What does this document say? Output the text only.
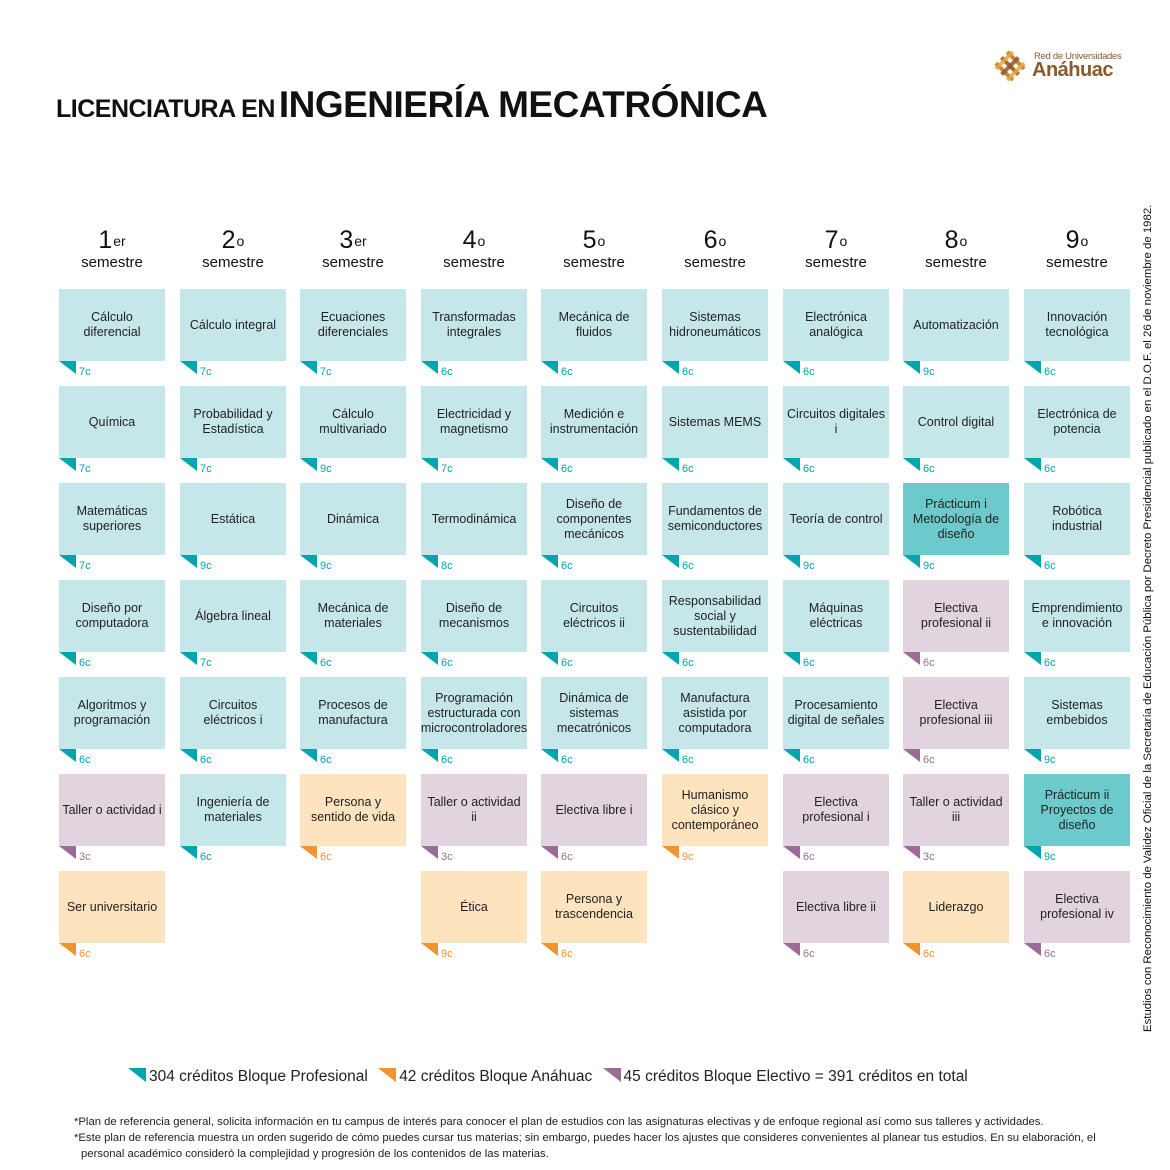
LICENCIATURA EN INGENIERÍA MECATRÓNICA
Red de Universidades
Anáhuac
Estudios con Reconocimiento de Validez Oficial de la Secretaría de Educación Pública por Decreto Presidencial publicado en el D.O.F. el 26 de noviembre de 1982.
1er
semestre
Cálculo diferencial
7c
Química
7c
Matemáticas superiores
7c
Diseño por computadora
6c
Algoritmos y programación
6c
Taller o actividad i
3c
Ser universitario
6c
2$^o$
semestre
Cálculo integral
7c
Probabilidad y Estadística
7c
Estática
9c
Álgebra lineal
7c
Circuitos eléctricos i
6c
Ingeniería de materiales
6c
3er
semestre
Ecuaciones diferenciales
7c
Cálculo multivariado
9c
Dinámica
9c
Mecánica de materiales
6c
Procesos de manufactura
6c
Persona y sentido de vida
6c
4$^o$
semestre
Transformadas integrales
6c
Electricidad y magnetismo
7c
Termodinámica
8c
Diseño de mecanismos
6c
Programación estructurada con microcontroladores
6c
Taller o actividad ii
3c
Ética
9c
5$^o$
semestre
Mecánica de fluidos
6c
Medición e instrumentación
6c
Diseño de componentes mecánicos
6c
Circuitos eléctricos ii
6c
Dinámica de sistemas mecatrónicos
6c
Electiva libre i
6c
Persona y trascendencia
6c
6$^o$
semestre
Sistemas hidroneumáticos
6c
Sistemas MEMS
6c
Fundamentos de semiconductores
6c
Responsabilidad social y sustentabilidad
6c
Manufactura asistida por computadora
6c
Humanismo clásico y contemporáneo
9c
7$^o$
semestre
Electrónica analógica
6c
Circuitos digitales i
6c
Teoría de control
9c
Máquinas eléctricas
6c
Procesamiento digital de señales
6c
Electiva profesional i
6c
Electiva libre ii
6c
8$^o$
semestre
Automatización
9c
Control digital
6c
Prácticum i Metodología de diseño
9c
Electiva profesional ii
6c
Electiva profesional iii
6c
Taller o actividad iii
3c
Liderazgo
6c
9$^o$
semestre
Innovación tecnológica
6c
Electrónica de potencia
6c
Robótica industrial
6c
Emprendimiento e innovación
6c
Sistemas embebidos
9c
Prácticum ii Proyectos de diseño
9c
Electiva profesional iv
6c
304 créditos Bloque Profesional 42 créditos Bloque Anáhuac 45 créditos Bloque Electivo = 391 créditos en total

*Plan de referencia general, solicita información en tu campus de interés para conocer el plan de estudios con las asignaturas electivas y de enfoque regional así como sus talleres y actividades.

*Este plan de referencia muestra un orden sugerido de cómo puedes cursar tus materias; sin embargo, puedes hacer los ajustes que consideres convenientes al planear tus estudios. En su elaboración, el

personal académico consideró la complejidad y progresión de los contenidos de las materias.
